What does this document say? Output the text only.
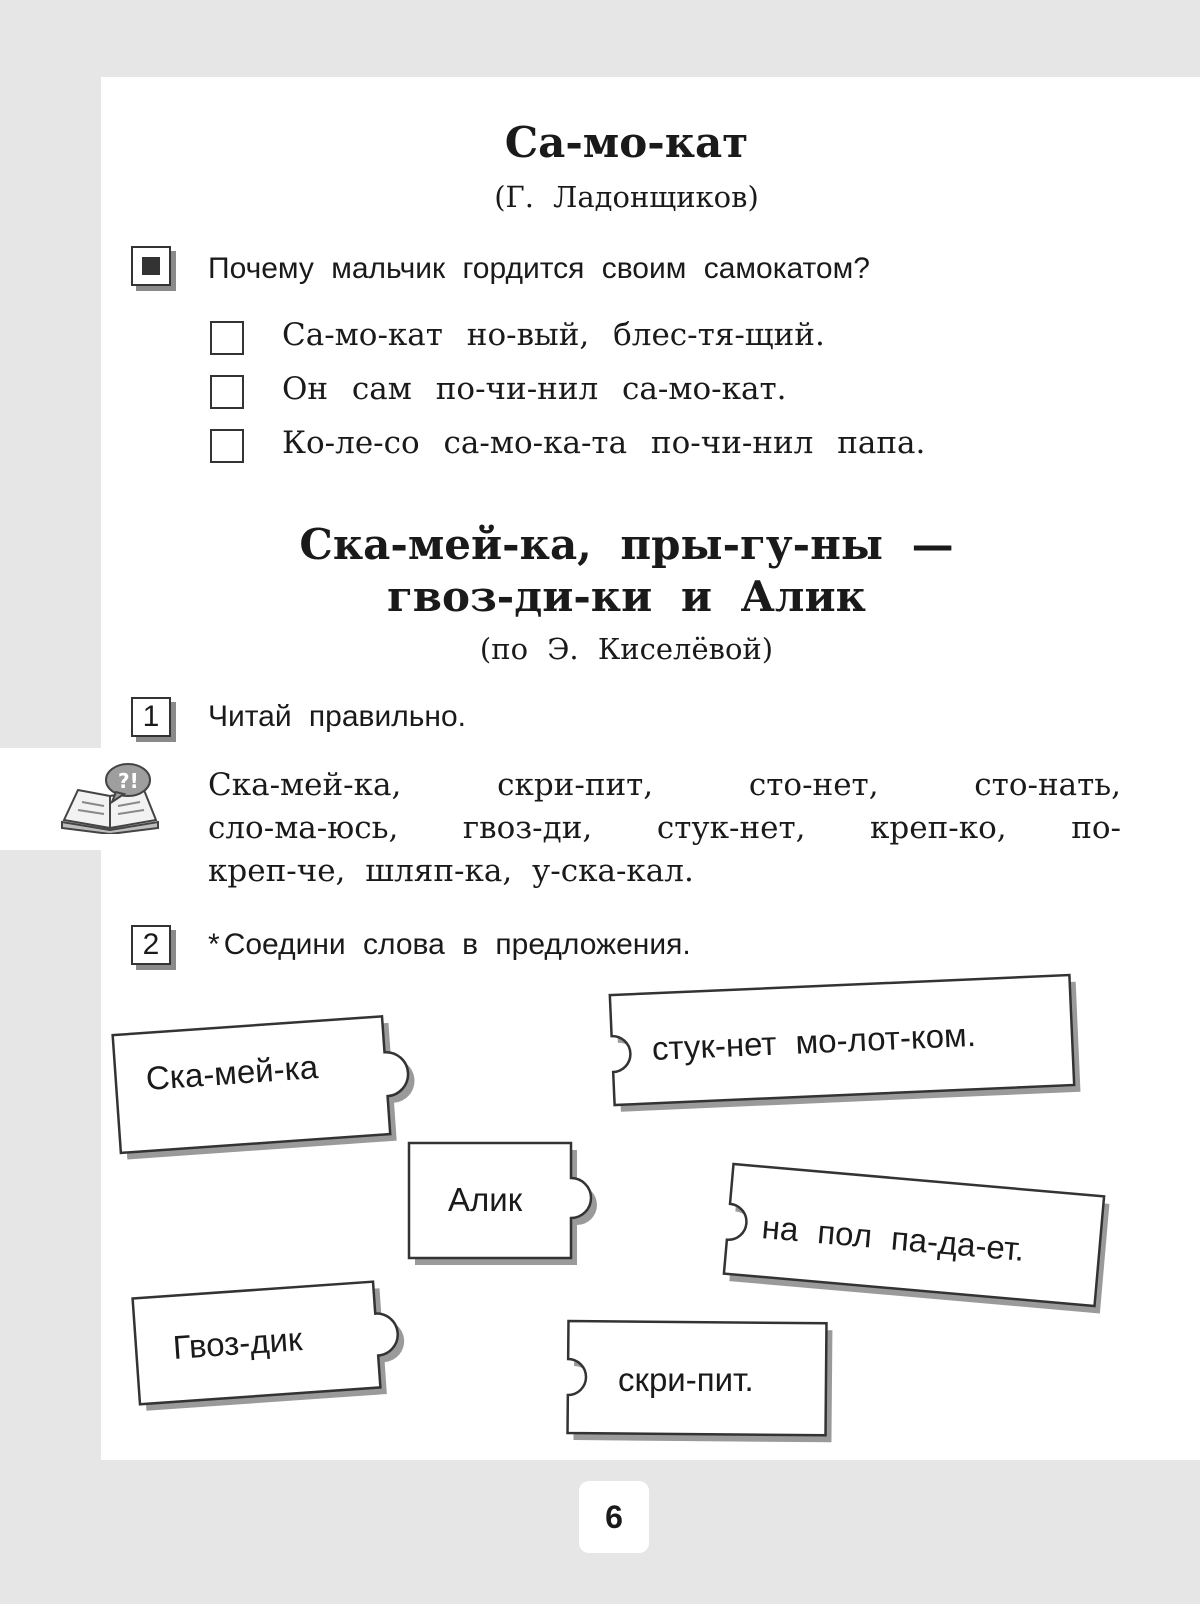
Са-мо-кат
(Г. Ладонщиков)
Почему мальчик гордится своим самокатом?
Са-мо-кат но-вый, блес-тя-щий.
Он сам по-чи-нил са-мо-кат.
Ко-ле-со са-мо-ка-та по-чи-нил папа.
Ска-мей-ка, пры-гу-ны —
гвоз-ди-ки и Алик
(по Э. Киселёвой)
1	Читай правильно.
?! Ска-мей-ка, скри-пит, сто-нет, сто-нать,
сло-ма-юсь, гвоз-ди, стук-нет, креп-ко, по-
креп-че, шляп-ка, у-ска-кал.
2	* Соедини слова в предложения.
Ска-мей-ка
стук-нет мо-лот-ком.
Алик
на пол па-да-ет.
Гвоз-дик
скри-пит.
6
